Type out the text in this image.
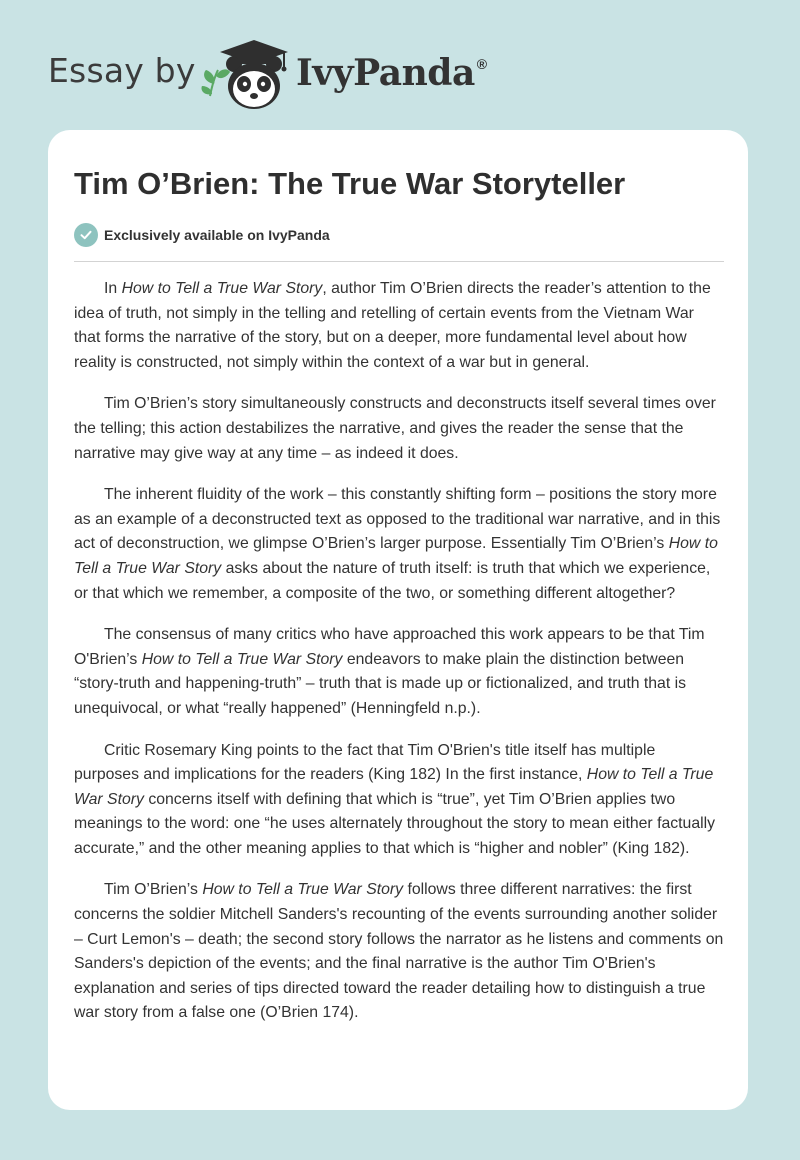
Essay by	IvyPanda ®
Tim O’Brien: The True War Storyteller
Exclusively available on IvyPanda

In How to Tell a True War Story, author Tim O’Brien directs the reader’s attention to the idea of truth, not simply in the telling and retelling of certain events from the Vietnam War that forms the narrative of the story, but on a deeper, more fundamental level about how reality is constructed, not simply within the context of a war but in general.

Tim O’Brien’s story simultaneously constructs and deconstructs itself several times over the telling; this action destabilizes the narrative, and gives the reader the sense that the narrative may give way at any time – as indeed it does.

The inherent fluidity of the work – this constantly shifting form – positions the story more as an example of a deconstructed text as opposed to the traditional war narrative, and in this act of deconstruction, we glimpse O’Brien’s larger purpose. Essentially Tim O’Brien’s How to Tell a True War Story asks about the nature of truth itself: is truth that which we experience, or that which we remember, a composite of the two, or something different altogether?

The consensus of many critics who have approached this work appears to be that Tim O'Brien’s How to Tell a True War Story endeavors to make plain the distinction between “story-truth and happening-truth” – truth that is made up or fictionalized, and truth that is unequivocal, or what “really happened” (Henningfeld n.p.).

Critic Rosemary King points to the fact that Tim O'Brien's title itself has multiple purposes and implications for the readers (King 182) In the first instance, How to Tell a True War Story concerns itself with defining that which is “true”, yet Tim O’Brien applies two meanings to the word: one “he uses alternately throughout the story to mean either factually accurate,” and the other meaning applies to that which is “higher and nobler” (King 182).

Tim O’Brien’s How to Tell a True War Story follows three different narratives: the first concerns the soldier Mitchell Sanders's recounting of the events surrounding another solider – Curt Lemon's – death; the second story follows the narrator as he listens and comments on Sanders's depiction of the events; and the final narrative is the author Tim O'Brien's explanation and series of tips directed toward the reader detailing how to distinguish a true war story from a false one (O’Brien 174).
